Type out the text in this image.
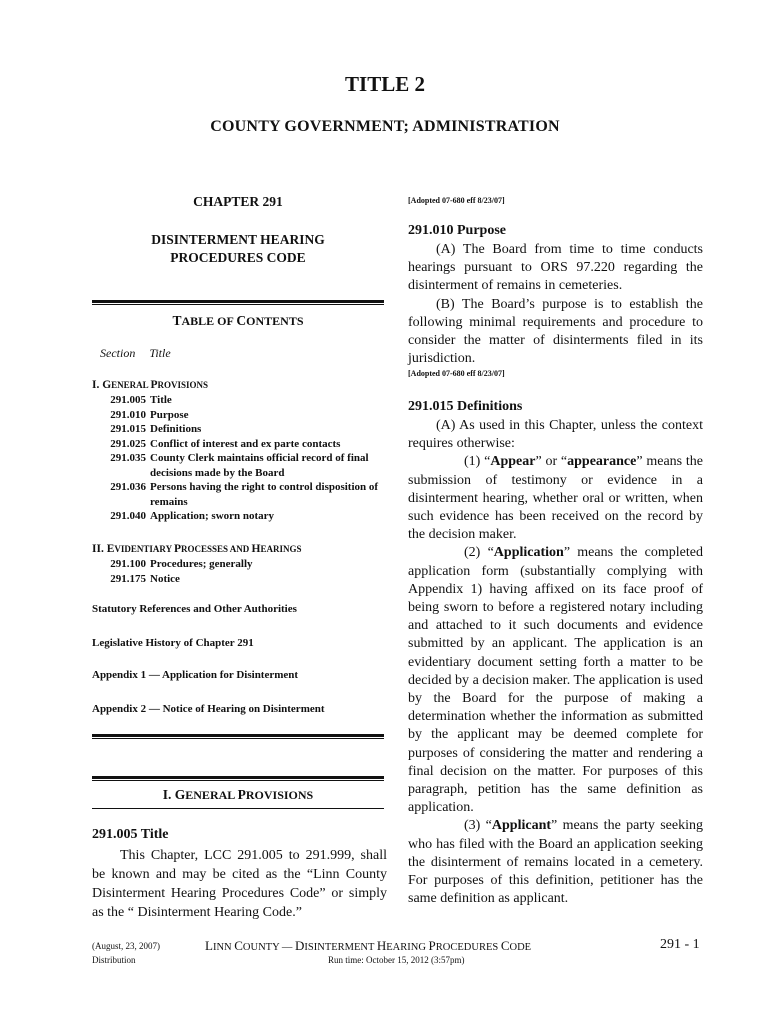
TITLE 2
COUNTY GOVERNMENT; ADMINISTRATION
CHAPTER 291
DISINTERMENT HEARING
PROCEDURES CODE
TABLE OF CONTENTS
Section Title
I. GENERAL PROVISIONS
291.005 Title
291.010 Purpose
291.015 Definitions
291.025 Conflict of interest and ex parte contacts
291.035 County Clerk maintains official record of final decisions made by the Board
291.036 Persons having the right to control disposition of remains
291.040 Application; sworn notary
II. EVIDENTIARY PROCESSES AND HEARINGS
291.100 Procedures; generally
291.175 Notice
Statutory References and Other Authorities
Legislative History of Chapter 291
Appendix 1 — Application for Disinterment
Appendix 2 — Notice of Hearing on Disinterment
I. GENERAL PROVISIONS
291.005 Title
This Chapter, LCC 291.005 to 291.999, shall be known and may be cited as the “Linn County Disinterment Hearing Procedures Code” or simply as the “ Disinterment Hearing Code.”
[Adopted 07-680 eff 8/23/07]
291.010 Purpose

(A) The Board from time to time conducts hearings pursuant to ORS 97.220 regarding the disinterment of remains in cemeteries.

(B) The Board’s purpose is to establish the following minimal requirements and procedure to consider the matter of disinterments filed in its jurisdiction.

[Adopted 07-680 eff 8/23/07]
291.015 Definitions

(A) As used in this Chapter, unless the context requires otherwise:

(1) “Appear” or “appearance” means the submission of testimony or evidence in a disinterment hearing, whether oral or written, when such evidence has been received on the record by the decision maker.

(2) “Application” means the completed application form (substantially complying with Appendix 1) having affixed on its face proof of being sworn to before a registered notary including and attached to it such documents and evidence submitted by an applicant. The application is an evidentiary document setting forth a matter to be decided by a decision maker. The application is used by the Board for the purpose of making a determination whether the information as submitted by the applicant may be deemed complete for purposes of considering the matter and rendering a final decision on the matter. For purposes of this paragraph, petition has the same definition as application.

(3) “Applicant” means the party seeking who has filed with the Board an application seeking the disinterment of remains located in a cemetery. For purposes of this definition, petitioner has the same definition as applicant.

(August, 23, 2007)
Distribution
LINN COUNTY — DISINTERMENT HEARING PROCEDURES CODE
Run time: October 15, 2012 (3:57pm)
291 - 1
